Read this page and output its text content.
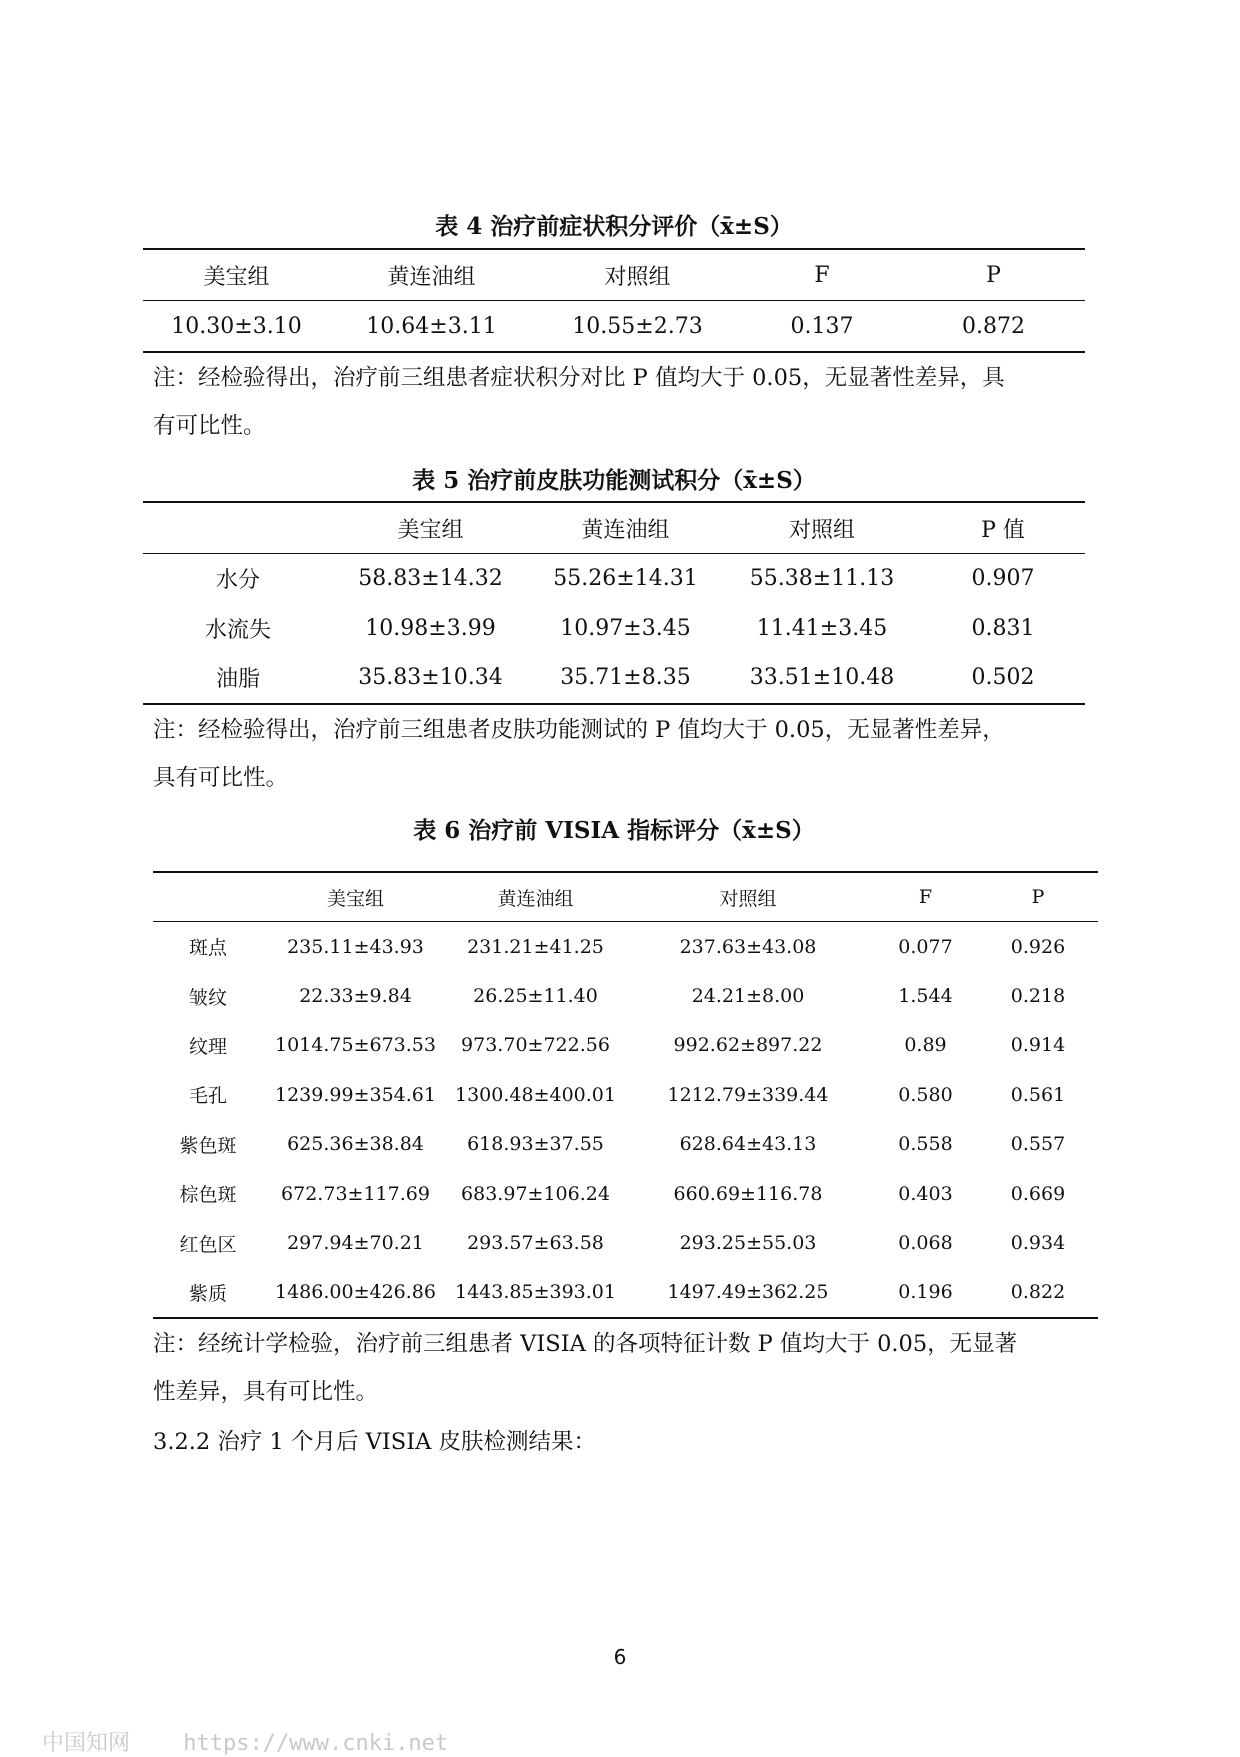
表 4 治疗前症状积分评价（x̄±S）
美宝组	黄连油组	对照组	F	P
10.30±3.10	10.64±3.11	10.55±2.73	0.137	0.872
注：经检验得出，治疗前三组患者症状积分对比 P 值均大于 0.05，无显著性差异，具
有可比性。
表 5 治疗前皮肤功能测试积分（x̄±S）
	美宝组	黄连油组	对照组	P 值
水分	58.83±14.32	55.26±14.31	55.38±11.13	0.907
水流失	10.98±3.99	10.97±3.45	11.41±3.45	0.831
油脂	35.83±10.34	35.71±8.35	33.51±10.48	0.502
注：经检验得出，治疗前三组患者皮肤功能测试的 P 值均大于 0.05，无显著性差异，
具有可比性。
表 6 治疗前 VISIA 指标评分（x̄±S）
	美宝组	黄连油组	对照组	F	P
斑点	235.11±43.93	231.21±41.25	237.63±43.08	0.077	0.926
皱纹	22.33±9.84	26.25±11.40	24.21±8.00	1.544	0.218
纹理	1014.75±673.53	973.70±722.56	992.62±897.22	0.89	0.914
毛孔	1239.99±354.61	1300.48±400.01	1212.79±339.44	0.580	0.561
紫色斑	625.36±38.84	618.93±37.55	628.64±43.13	0.558	0.557
棕色斑	672.73±117.69	683.97±106.24	660.69±116.78	0.403	0.669
红色区	297.94±70.21	293.57±63.58	293.25±55.03	0.068	0.934
紫质	1486.00±426.86	1443.85±393.01	1497.49±362.25	0.196	0.822
注：经统计学检验，治疗前三组患者 VISIA 的各项特征计数 P 值均大于 0.05，无显著
性差异，具有可比性。
3.2.2 治疗 1 个月后 VISIA 皮肤检测结果：
6
中国知网 https://www.cnki.net
